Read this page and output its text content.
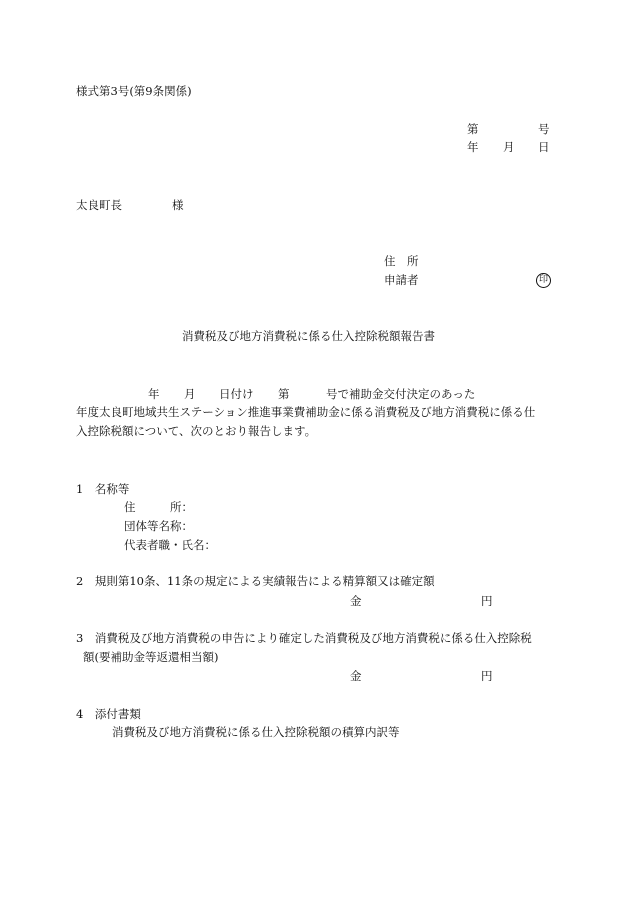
様式第3号(第9条関係)
第	号
年 月 日
太良町長	様
住　所
申請者	印
消費税及び地方消費税に係る仕入控除税額報告書
年 月 日付け 第	号で補助金交付決定のあった
年度太良町地域共生ステーション推進事業費補助金に係る消費税及び地方消費税に係る仕
入控除税額について、次のとおり報告します。
1　名称等
住　　　所：
団体等名称：
代表者職・氏名：
2　規則第10条、11条の規定による実績報告による精算額又は確定額
金	円
3　消費税及び地方消費税の申告により確定した消費税及び地方消費税に係る仕入控除税
額(要補助金等返還相当額)
金	円
4　添付書類
消費税及び地方消費税に係る仕入控除税額の積算内訳等
